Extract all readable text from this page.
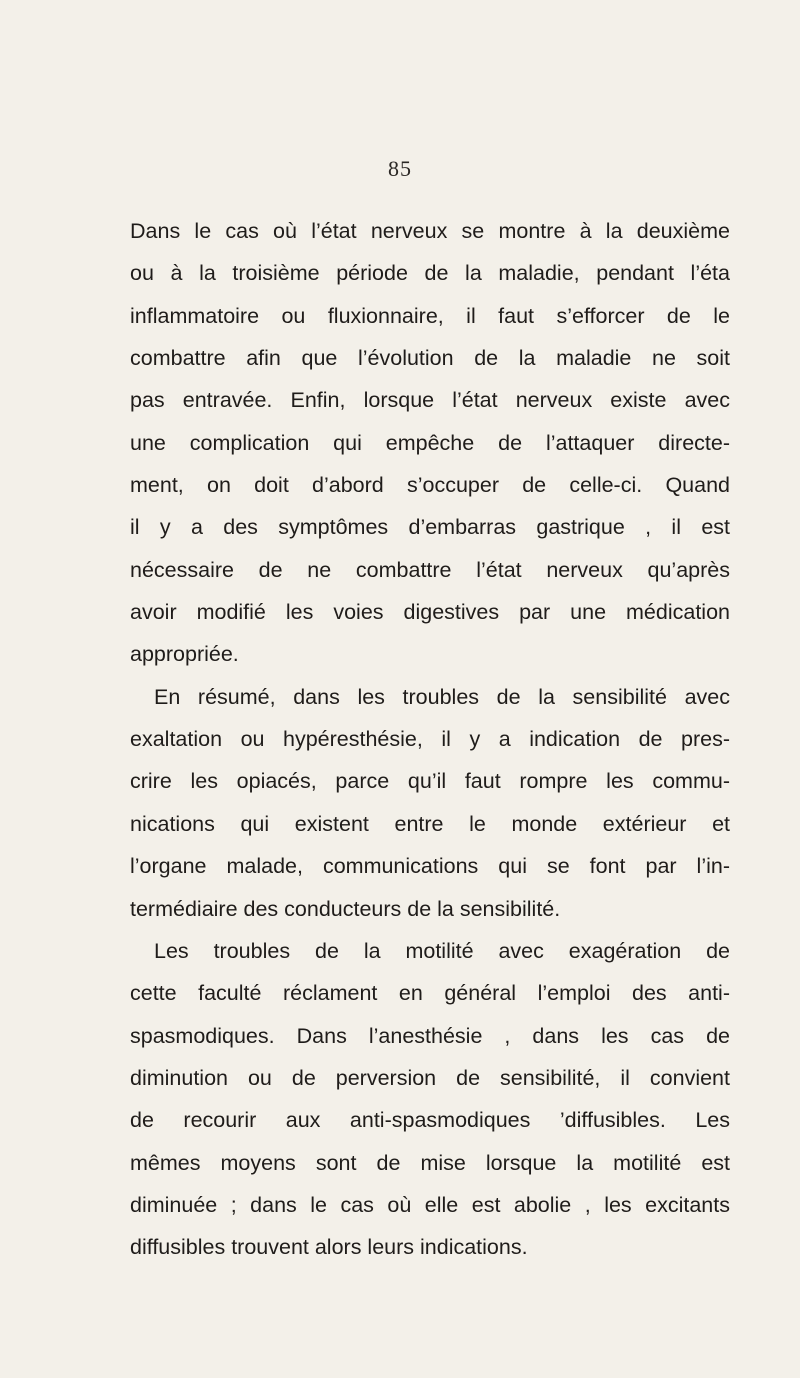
85
Dans le cas où l’état nerveux se montre à la deuxième
ou à la troisième période de la maladie, pendant l’éta
inflammatoire ou fluxionnaire, il faut s’efforcer de le
combattre afin que l’évolution de la maladie ne soit
pas entravée. Enfin, lorsque l’état nerveux existe avec
une complication qui empêche de l’attaquer directe-
ment, on doit d’abord s’occuper de celle-ci. Quand
il y a des symptômes d’embarras gastrique , il est
nécessaire de ne combattre l’état nerveux qu’après
avoir modifié les voies digestives par une médication
appropriée.
En résumé, dans les troubles de la sensibilité avec
exaltation ou hypéresthésie, il y a indication de pres-
crire les opiacés, parce qu’il faut rompre les commu-
nications qui existent entre le monde extérieur et
l’organe malade, communications qui se font par l’in-
termédiaire des conducteurs de la sensibilité.
Les troubles de la motilité avec exagération de
cette faculté réclament en général l’emploi des anti-
spasmodiques. Dans l’anesthésie , dans les cas de
diminution ou de perversion de sensibilité, il convient
de recourir aux anti-spasmodiques ’diffusibles. Les
mêmes moyens sont de mise lorsque la motilité est
diminuée ; dans le cas où elle est abolie , les excitants
diffusibles trouvent alors leurs indications.
